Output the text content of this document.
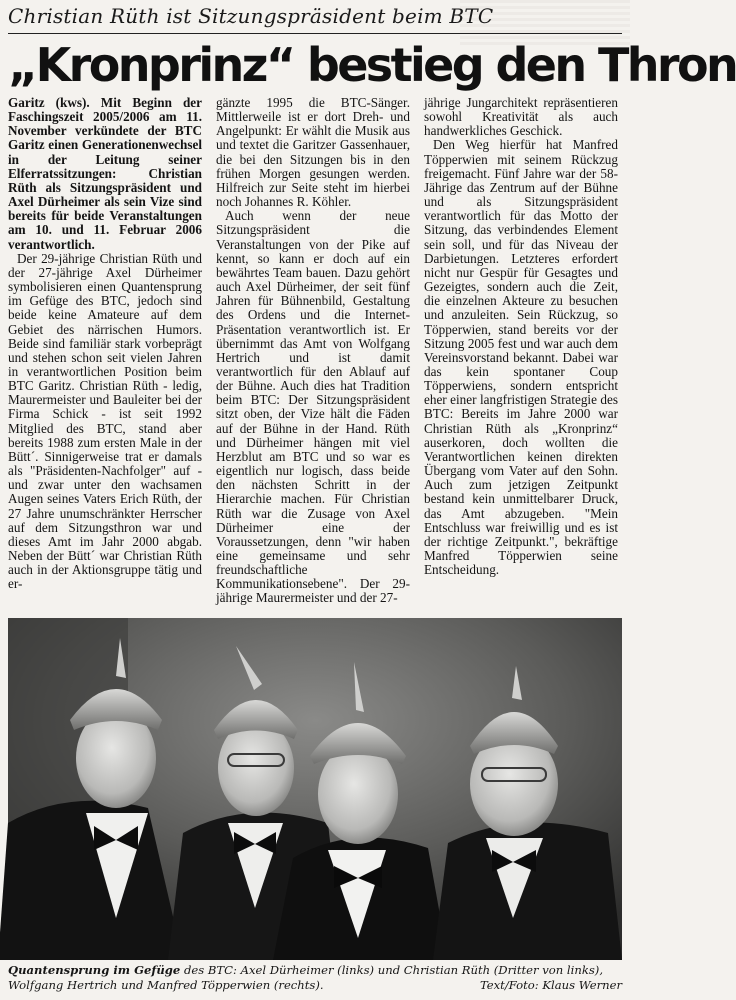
Christian Rüth ist Sitzungspräsident beim BTC
„Kronprinz“ bestieg den Thron

Garitz (kws). Mit Beginn der Faschingszeit 2005/2006 am 11. November verkündete der BTC Garitz einen Generationenwechsel in der Leitung seiner Elferratssitzungen: Christian Rüth als Sitzungspräsident und Axel Dürheimer als sein Vize sind bereits für beide Veranstaltungen am 10. und 11. Februar 2006 verantwortlich.

Der 29-jährige Christian Rüth und der 27-jährige Axel Dürheimer symbolisieren einen Quantensprung im Gefüge des BTC, jedoch sind beide keine Amateure auf dem Gebiet des närrischen Humors. Beide sind familiär stark vorbeprägt und stehen schon seit vielen Jahren in verantwortlichen Position beim BTC Garitz. Christian Rüth - ledig, Maurermeister und Bauleiter bei der Firma Schick - ist seit 1992 Mitglied des BTC, stand aber bereits 1988 zum ersten Male in der Bütt´. Sinnigerweise trat er damals als "Präsidenten-Nachfolger" auf - und zwar unter den wachsamen Augen seines Vaters Erich Rüth, der 27 Jahre unumschränkter Herrscher auf dem Sitzungsthron war und dieses Amt im Jahr 2000 abgab. Neben der Bütt´ war Christian Rüth auch in der Aktionsgruppe tätig und er-

gänzte 1995 die BTC-Sänger. Mittlerweile ist er dort Dreh- und Angelpunkt: Er wählt die Musik aus und textet die Garitzer Gassenhauer, die bei den Sitzungen bis in den frühen Morgen gesungen werden. Hilfreich zur Seite steht im hierbei noch Johannes R. Köhler.

Auch wenn der neue Sitzungspräsident die Veranstaltungen von der Pike auf kennt, so kann er doch auf ein bewährtes Team bauen. Dazu gehört auch Axel Dürheimer, der seit fünf Jahren für Bühnenbild, Gestaltung des Ordens und die Internet-Präsentation verantwortlich ist. Er übernimmt das Amt von Wolfgang Hertrich und ist damit verantwortlich für den Ablauf auf der Bühne. Auch dies hat Tradition beim BTC: Der Sitzungspräsident sitzt oben, der Vize hält die Fäden auf der Bühne in der Hand. Rüth und Dürheimer hängen mit viel Herzblut am BTC und so war es eigentlich nur logisch, dass beide den nächsten Schritt in der Hierarchie machen. Für Christian Rüth war die Zusage von Axel Dürheimer eine der Voraussetzungen, denn "wir haben eine gemeinsame und sehr freundschaftliche Kommunikationsebene". Der 29-jährige Maurermeister und der 27-

jährige Jungarchitekt repräsentieren sowohl Kreativität als auch handwerkliches Geschick.

Den Weg hierfür hat Manfred Töpperwien mit seinem Rückzug freigemacht. Fünf Jahre war der 58-Jährige das Zentrum auf der Bühne und als Sitzungspräsident verantwortlich für das Motto der Sitzung, das verbindendes Element sein soll, und für das Niveau der Darbietungen. Letzteres erfordert nicht nur Gespür für Gesagtes und Gezeigtes, sondern auch die Zeit, die einzelnen Akteure zu besuchen und anzuleiten. Sein Rückzug, so Töpperwien, stand bereits vor der Sitzung 2005 fest und war auch dem Vereinsvorstand bekannt. Dabei war das kein spontaner Coup Töpperwiens, sondern entspricht eher einer langfristigen Strategie des BTC: Bereits im Jahre 2000 war Christian Rüth als „Kronprinz“ auserkoren, doch wollten die Verantwortlichen keinen direkten Übergang vom Vater auf den Sohn. Auch zum jetzigen Zeitpunkt bestand kein unmittelbarer Druck, das Amt abzugeben. "Mein Entschluss war freiwillig und es ist der richtige Zeitpunkt.", bekräftige Manfred Töpperwien seine Entscheidung.

Quantensprung im Gefüge des BTC: Axel Dürheimer (links) und Christian Rüth (Dritter von links),
Wolfgang Hertrich und Manfred Töpperwien (rechts).	Text/Foto: Klaus Werner
